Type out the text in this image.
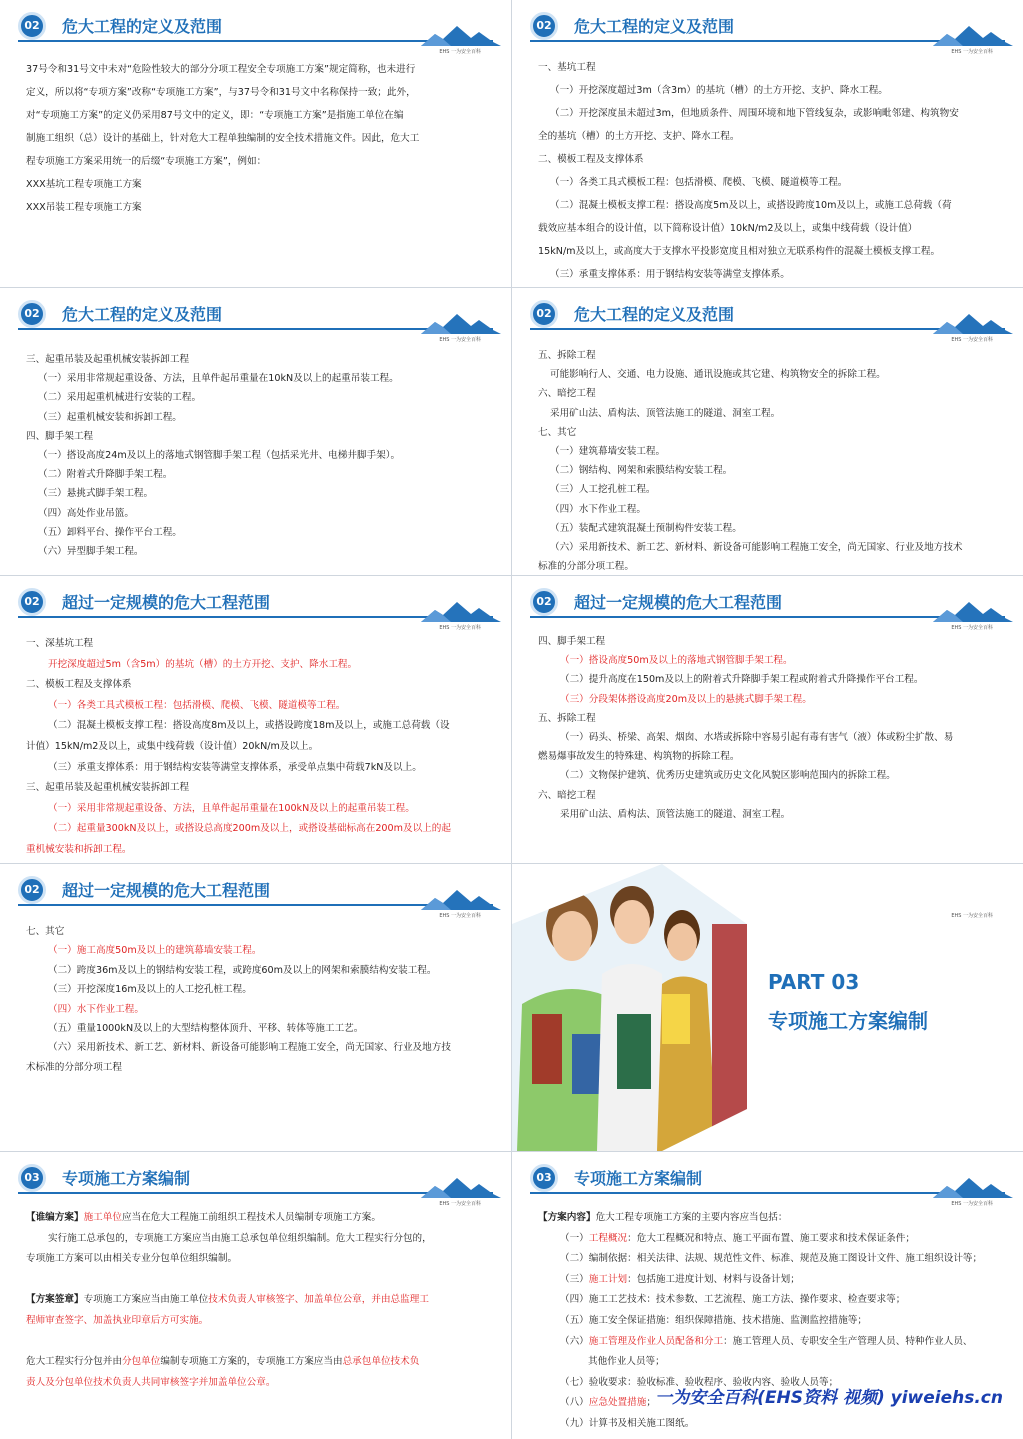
02	危大工程的定义及范围
EHS 一为安全百科
37号令和31号文中未对“危险性较大的部分分项工程安全专项施工方案”规定简称，也未进行
定义，所以将“专项方案”改称“专项施工方案”，与37号令和31号文中名称保持一致；此外，
对“专项施工方案”的定义仍采用87号文中的定义，即：“专项施工方案”是指施工单位在编
制施工组织（总）设计的基础上，针对危大工程单独编制的安全技术措施文件。因此，危大工
程专项施工方案采用统一的后缀“专项施工方案”，例如：
XXX基坑工程专项施工方案
XXX吊装工程专项施工方案
02	危大工程的定义及范围
EHS 一为安全百科
一、基坑工程
（一）开挖深度超过3m（含3m）的基坑（槽）的土方开挖、支护、降水工程。
（二）开挖深度虽未超过3m，但地质条件、周围环境和地下管线复杂，或影响毗邻建、构筑物安
全的基坑（槽）的土方开挖、支护、降水工程。
二、模板工程及支撑体系
（一）各类工具式模板工程：包括滑模、爬模、飞模、隧道模等工程。
（二）混凝土模板支撑工程：搭设高度5m及以上，或搭设跨度10m及以上，或施工总荷载（荷
载效应基本组合的设计值，以下简称设计值）10kN/m2及以上，或集中线荷载（设计值）
15kN/m及以上，或高度大于支撑水平投影宽度且相对独立无联系构件的混凝土模板支撑工程。
（三）承重支撑体系：用于钢结构安装等满堂支撑体系。
02	危大工程的定义及范围
EHS 一为安全百科
三、起重吊装及起重机械安装拆卸工程
（一）采用非常规起重设备、方法，且单件起吊重量在10kN及以上的起重吊装工程。
（二）采用起重机械进行安装的工程。
（三）起重机械安装和拆卸工程。
四、脚手架工程
（一）搭设高度24m及以上的落地式钢管脚手架工程（包括采光井、电梯井脚手架）。
（二）附着式升降脚手架工程。
（三）悬挑式脚手架工程。
（四）高处作业吊篮。
（五）卸料平台、操作平台工程。
（六）异型脚手架工程。
02	危大工程的定义及范围
EHS 一为安全百科
五、拆除工程
可能影响行人、交通、电力设施、通讯设施或其它建、构筑物安全的拆除工程。
六、暗挖工程
采用矿山法、盾构法、顶管法施工的隧道、洞室工程。
七、其它
（一）建筑幕墙安装工程。
（二）钢结构、网架和索膜结构安装工程。
（三）人工挖孔桩工程。
（四）水下作业工程。
（五）装配式建筑混凝土预制构件安装工程。
（六）采用新技术、新工艺、新材料、新设备可能影响工程施工安全，尚无国家、行业及地方技术
标准的分部分项工程。
02	超过一定规模的危大工程范围
EHS 一为安全百科
一、深基坑工程
开挖深度超过5m（含5m）的基坑（槽）的土方开挖、支护、降水工程。
二、模板工程及支撑体系
（一）各类工具式模板工程：包括滑模、爬模、飞模、隧道模等工程。
（二）混凝土模板支撑工程：搭设高度8m及以上，或搭设跨度18m及以上，或施工总荷载（设
计值）15kN/m2及以上，或集中线荷载（设计值）20kN/m及以上。
（三）承重支撑体系：用于钢结构安装等满堂支撑体系，承受单点集中荷载7kN及以上。
三、起重吊装及起重机械安装拆卸工程
（一）采用非常规起重设备、方法，且单件起吊重量在100kN及以上的起重吊装工程。
（二）起重量300kN及以上，或搭设总高度200m及以上，或搭设基础标高在200m及以上的起
重机械安装和拆卸工程。
02	超过一定规模的危大工程范围
EHS 一为安全百科
四、脚手架工程
（一）搭设高度50m及以上的落地式钢管脚手架工程。
（二）提升高度在150m及以上的附着式升降脚手架工程或附着式升降操作平台工程。
（三）分段架体搭设高度20m及以上的悬挑式脚手架工程。
五、拆除工程
（一）码头、桥梁、高架、烟囱、水塔或拆除中容易引起有毒有害气（液）体或粉尘扩散、易
燃易爆事故发生的特殊建、构筑物的拆除工程。
（二）文物保护建筑、优秀历史建筑或历史文化风貌区影响范围内的拆除工程。
六、暗挖工程
采用矿山法、盾构法、顶管法施工的隧道、洞室工程。
02	超过一定规模的危大工程范围
EHS 一为安全百科
七、其它
（一）施工高度50m及以上的建筑幕墙安装工程。
（二）跨度36m及以上的钢结构安装工程，或跨度60m及以上的网架和索膜结构安装工程。
（三）开挖深度16m及以上的人工挖孔桩工程。
（四）水下作业工程。
（五）重量1000kN及以上的大型结构整体顶升、平移、转体等施工工艺。
（六）采用新技术、新工艺、新材料、新设备可能影响工程施工安全，尚无国家、行业及地方技
术标准的分部分项工程
03	专项施工方案编制
EHS 一为安全百科
【谁编方案】施工单位应当在危大工程施工前组织工程技术人员编制专项施工方案。
实行施工总承包的，专项施工方案应当由施工总承包单位组织编制。危大工程实行分包的，
专项施工方案可以由相关专业分包单位组织编制。

【方案签章】专项施工方案应当由施工单位技术负责人审核签字、加盖单位公章，并由总监理工
程师审查签字、加盖执业印章后方可实施。

危大工程实行分包并由分包单位编制专项施工方案的，专项施工方案应当由总承包单位技术负
责人及分包单位技术负责人共同审核签字并加盖单位公章。
03	专项施工方案编制
EHS 一为安全百科
【方案内容】危大工程专项施工方案的主要内容应当包括：
（一）工程概况：危大工程概况和特点、施工平面布置、施工要求和技术保证条件；
（二）编制依据：相关法律、法规、规范性文件、标准、规范及施工图设计文件、施工组织设计等；
（三）施工计划：包括施工进度计划、材料与设备计划；
（四）施工工艺技术：技术参数、工艺流程、施工方法、操作要求、检查要求等；
（五）施工安全保证措施：组织保障措施、技术措施、监测监控措施等；
（六）施工管理及作业人员配备和分工：施工管理人员、专职安全生产管理人员、特种作业人员、
其他作业人员等；
（七）验收要求：验收标准、验收程序、验收内容、验收人员等；
（八）应急处置措施；
（九）计算书及相关施工图纸。
EHS 一为安全百科
PART 03
专项施工方案编制
一为安全百科(EHS资料 视频) yiweiehs.cn
